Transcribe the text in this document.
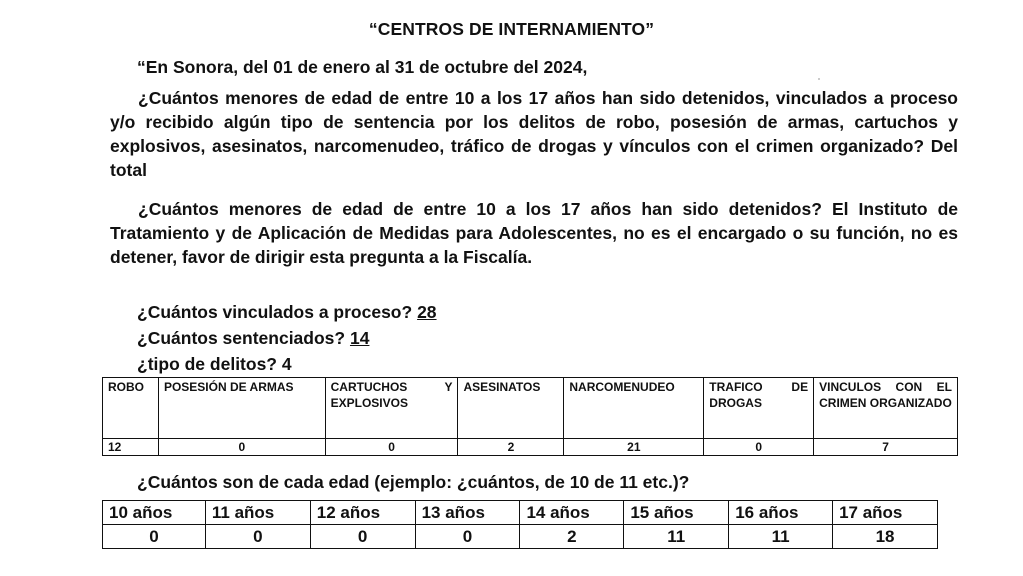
“CENTROS DE INTERNAMIENTO”
“En Sonora, del 01 de enero al 31 de octubre del 2024,
¿Cuántos menores de edad de entre 10 a los 17 años han sido detenidos, vinculados a proceso y/o recibido algún tipo de sentencia por los delitos de robo, posesión de armas, cartuchos y explosivos, asesinatos, narcomenudeo, tráfico de drogas y vínculos con el crimen organizado? Del total
¿Cuántos menores de edad de entre 10 a los 17 años han sido detenidos? El Instituto de Tratamiento y de Aplicación de Medidas para Adolescentes, no es el encargado o su función, no es detener, favor de dirigir esta pregunta a la Fiscalía.
¿Cuántos vinculados a proceso? 28
¿Cuántos sentenciados? 14
¿tipo de delitos? 4
ROBO	POSESIÓN DE ARMAS	CARTUCHOS Y EXPLOSIVOS	ASESINATOS	NARCOMENUDEO	TRAFICO DE DROGAS	VINCULOS CON EL CRIMEN ORGANIZADO
12	0	0	2	21	0	7
¿Cuántos son de cada edad (ejemplo: ¿cuántos, de 10 de 11 etc.)?
10 años	11 años	12 años	13 años	14 años	15 años	16 años	17 años
0	0	0	0	2	11	11	18
